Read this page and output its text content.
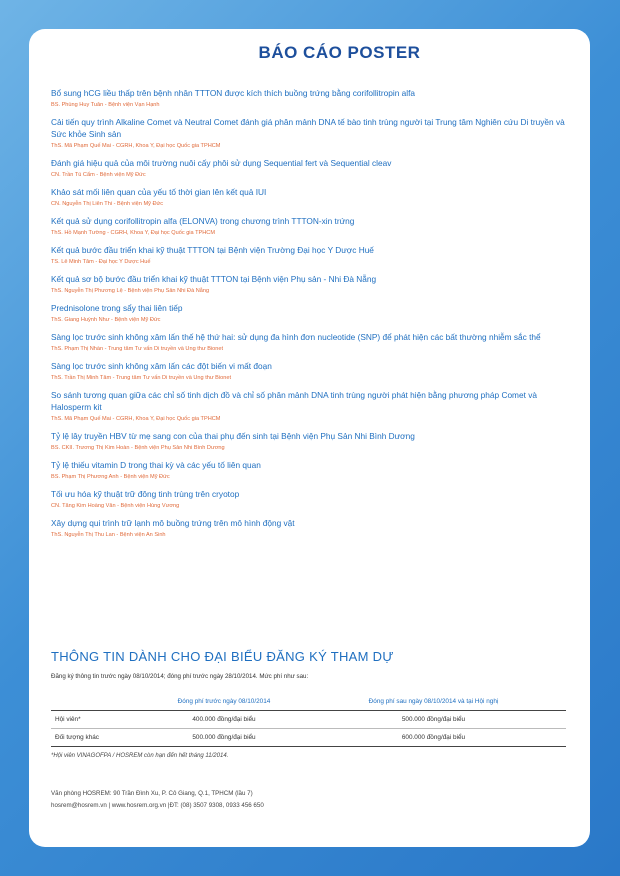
BÁO CÁO POSTER
Bổ sung hCG liều thấp trên bệnh nhân TTTON được kích thích buồng trứng bằng corifollitropin alfa
BS. Phùng Huy Tuân - Bệnh viện Vạn Hạnh
Cải tiến quy trình Alkaline Comet và Neutral Comet đánh giá phân mảnh DNA tế bào tinh trùng người tại Trung tâm Nghiên cứu Di truyền và Sức khỏe Sinh sản
ThS. Mã Phạm Quế Mai - CGRH, Khoa Y, Đại học Quốc gia TPHCM
Đánh giá hiệu quả của môi trường nuôi cấy phôi sử dụng Sequential fert và Sequential cleav
CN. Trần Tú Cẩm - Bệnh viện Mỹ Đức
Khảo sát mối liên quan của yếu tố thời gian lên kết quả IUI
CN. Nguyễn Thị Liên Thi - Bệnh viện Mỹ Đức
Kết quả sử dụng corifollitropin alfa (ELONVA) trong chương trình TTTON-xin trứng
ThS. Hồ Mạnh Tường - CGRH, Khoa Y, Đại học Quốc gia TPHCM
Kết quả bước đầu triển khai kỹ thuật TTTON tại Bệnh viện Trường Đại học Y Dược Huế
TS. Lê Minh Tâm - Đại học Y Dược Huế
Kết quả sơ bộ bước đầu triển khai kỹ thuật TTTON tại Bệnh viện Phụ sản - Nhi Đà Nẵng
ThS. Nguyễn Thị Phương Lệ - Bệnh viện Phụ Sản Nhi Đà Nẵng
Prednisolone trong sẩy thai liên tiếp
ThS. Giang Huỳnh Như - Bệnh viện Mỹ Đức
Sàng lọc trước sinh không xâm lấn thế hệ thứ hai: sử dụng đa hình đơn nucleotide (SNP) để phát hiện các bất thường nhiễm sắc thể
ThS. Phạm Thị Nhàn - Trung tâm Tư vấn Di truyền và Ung thư Bionet
Sàng lọc trước sinh không xâm lấn các đột biến vi mất đoạn
ThS. Trần Thị Minh Tâm - Trung tâm Tư vấn Di truyền và Ung thư Bionet
So sánh tương quan giữa các chỉ số tinh dịch đồ và chỉ số phân mảnh DNA tinh trùng người phát hiện bằng phương pháp Comet và Halosperm kit
ThS. Mã Phạm Quế Mai - CGRH, Khoa Y, Đại học Quốc gia TPHCM
Tỷ lệ lây truyền HBV từ mẹ sang con của thai phụ đến sinh tại Bệnh viện Phụ Sản Nhi Bình Dương
BS. CKII. Trương Thị Kim Hoàn - Bệnh viện Phụ Sản Nhi Bình Dương
Tỷ lệ thiếu vitamin D trong thai kỳ và các yếu tố liên quan
BS. Phạm Thị Phương Anh - Bệnh viện Mỹ Đức
Tối ưu hóa kỹ thuật trữ đông tinh trùng trên cryotop
CN. Tăng Kim Hoàng Vân - Bệnh viện Hùng Vương
Xây dựng qui trình trữ lạnh mô buồng trứng trên mô hình động vật
ThS. Nguyễn Thị Thu Lan - Bệnh viện An Sinh
THÔNG TIN DÀNH CHO ĐẠI BIỂU ĐĂNG KÝ THAM DỰ
Đăng ký thông tin trước ngày 08/10/2014; đóng phí trước ngày 28/10/2014. Mức phí như sau:
	Đóng phí trước ngày 08/10/2014	Đóng phí sau ngày 08/10/2014 và tại Hội nghị
Hội viên*	400.000 đồng/đại biểu	500.000 đồng/đại biểu
Đối tượng khác	500.000 đồng/đại biểu	600.000 đồng/đại biểu
*Hội viên VINAGOFPA / HOSREM còn hạn đến hết tháng 11/2014.
Văn phòng HOSREM: 90 Trần Đình Xu, P. Cô Giang, Q.1, TPHCM (lầu 7)
hosrem@hosrem.vn | www.hosrem.org.vn |ĐT: (08) 3507 9308, 0933 456 650
